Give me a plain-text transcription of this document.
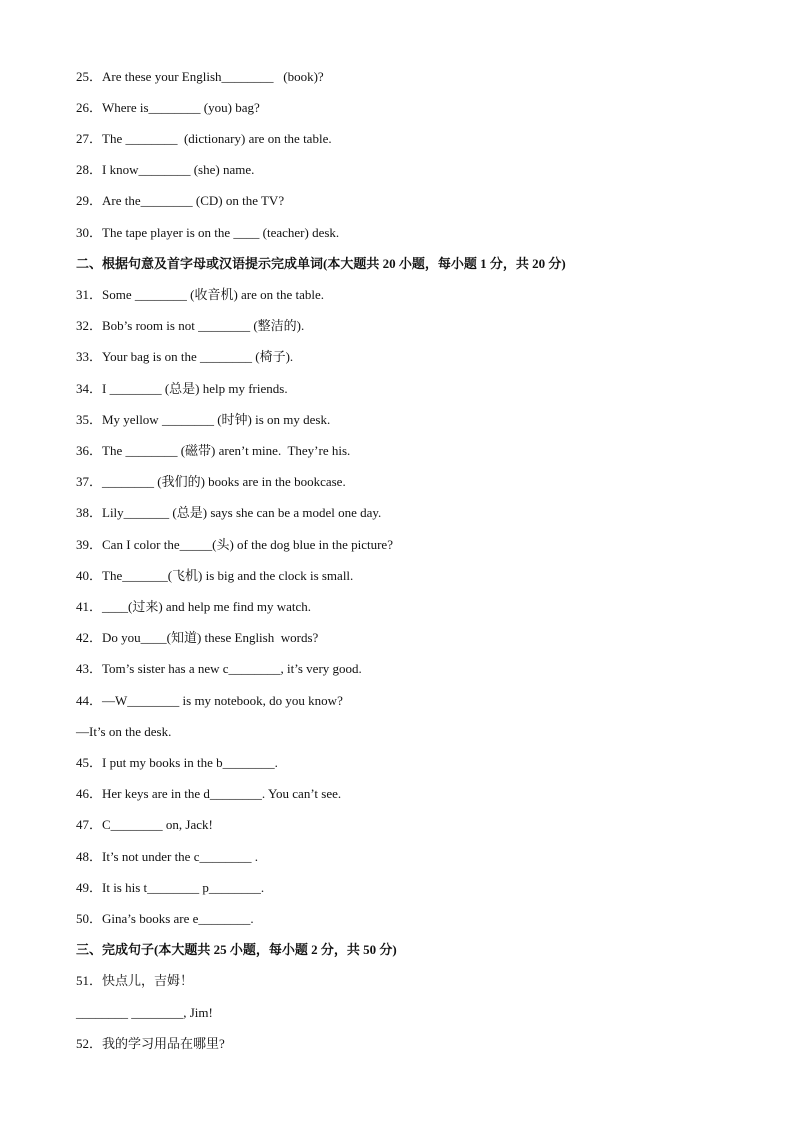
25．Are these your English________   (book)?
26．Where is________ (you) bag?
27．The ________  (dictionary) are on the table.
28．I know________ (she) name.
29．Are the________ (CD) on the TV?
30．The tape player is on the ____ (teacher) desk.
二、根据句意及首字母或汉语提示完成单词(本大题共 20 小题，每小题 1 分，共 20 分)
31．Some ________ (收音机) are on the table.
32．Bob’s room is not ________ (整洁的).
33．Your bag is on the ________ (椅子).
34．I ________ (总是) help my friends.
35．My yellow ________ (时钟) is on my desk.
36．The ________ (磁带) aren’t mine.  They’re his.
37．________ (我们的) books are in the bookcase.
38．Lily_______ (总是) says she can be a model one day.
39．Can I color the_____(头) of the dog blue in the picture?
40．The_______(飞机) is big and the clock is small.
41．____(过来) and help me find my watch.
42．Do you____(知道) these English  words?
43．Tom’s sister has a new c________, it’s very good.
44．—W________ is my notebook, do you know?
—It’s on the desk.
45．I put my books in the b________.
46．Her keys are in the d________. You can’t see.
47．C________ on, Jack!
48．It’s not under the c________ .
49．It is his t________ p________.
50．Gina’s books are e________.
三、完成句子(本大题共 25 小题，每小题 2 分，共 50 分)
51．快点儿，吉姆！
________ ________, Jim!
52．我的学习用品在哪里?
